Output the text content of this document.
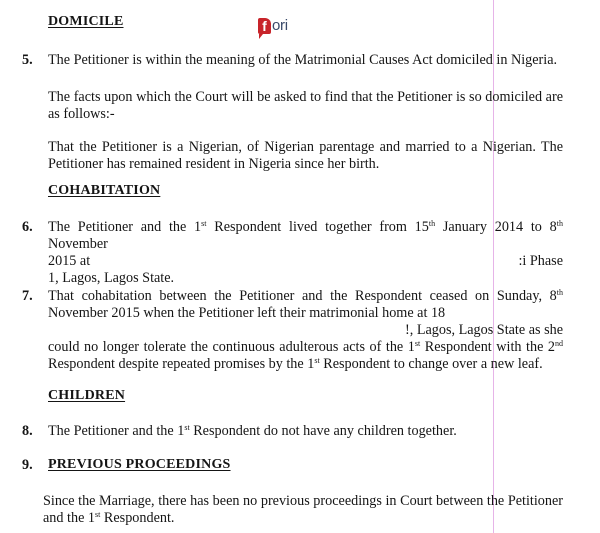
f ori
DOMICILE
5. The Petitioner is within the meaning of the Matrimonial Causes Act domiciled in Nigeria.
The facts upon which the Court will be asked to find that the Petitioner is so domiciled are
as follows:-
That the Petitioner is a Nigerian, of Nigerian parentage and married to a Nigerian. The
Petitioner has remained resident in Nigeria since her birth.
COHABITATION
6. The Petitioner and the 1st Respondent lived together from 15th January 2014 to 8th November
2015 at	:i Phase
1, Lagos, Lagos State.
7. That cohabitation between the Petitioner and the Respondent ceased on Sunday, 8th
November 2015 when the Petitioner left their matrimonial home at 18
!, Lagos, Lagos State as she
could no longer tolerate the continuous adulterous acts of the 1st Respondent with the 2nd
Respondent despite repeated promises by the 1st Respondent to change over a new leaf.
CHILDREN
8. The Petitioner and the 1st Respondent do not have any children together.
9. PREVIOUS PROCEEDINGS
Since the Marriage, there has been no previous proceedings in Court between the Petitioner
and the 1st Respondent.
